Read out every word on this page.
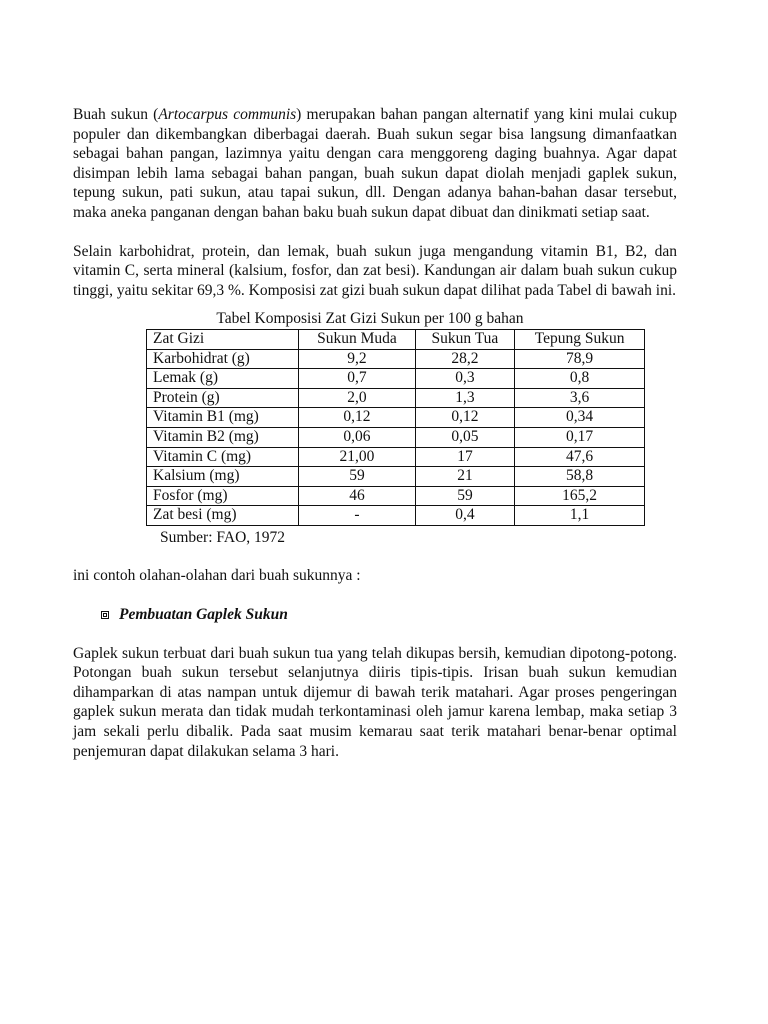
Buah sukun (Artocarpus communis) merupakan bahan pangan alternatif yang kini mulai cukup populer dan dikembangkan diberbagai daerah. Buah sukun segar bisa langsung dimanfaatkan sebagai bahan pangan, lazimnya yaitu dengan cara menggoreng daging buahnya. Agar dapat disimpan lebih lama sebagai bahan pangan, buah sukun dapat diolah menjadi gaplek sukun, tepung sukun, pati sukun, atau tapai sukun, dll. Dengan adanya bahan-bahan dasar tersebut, maka aneka panganan dengan bahan baku buah sukun dapat dibuat dan dinikmati setiap saat.

Selain karbohidrat, protein, dan lemak, buah sukun juga mengandung vitamin B1, B2, dan vitamin C, serta mineral (kalsium, fosfor, dan zat besi). Kandungan air dalam buah sukun cukup tinggi, yaitu sekitar 69,3 %. Komposisi zat gizi buah sukun dapat dilihat pada Tabel di bawah ini.

Tabel Komposisi Zat Gizi Sukun per 100 g bahan
Zat Gizi	Sukun Muda	Sukun Tua	Tepung Sukun
Karbohidrat (g)	9,2	28,2	78,9
Lemak (g)	0,7	0,3	0,8
Protein (g)	2,0	1,3	3,6
Vitamin B1 (mg)	0,12	0,12	0,34
Vitamin B2 (mg)	0,06	0,05	0,17
Vitamin C (mg)	21,00	17	47,6
Kalsium (mg)	59	21	58,8
Fosfor (mg)	46	59	165,2
Zat besi (mg)	-	0,4	1,1
Sumber: FAO, 1972

ini contoh olahan-olahan dari buah sukunnya :

Pembuatan Gaplek Sukun

Gaplek sukun terbuat dari buah sukun tua yang telah dikupas bersih, kemudian dipotong-potong. Potongan buah sukun tersebut selanjutnya diiris tipis-tipis. Irisan buah sukun kemudian dihamparkan di atas nampan untuk dijemur di bawah terik matahari. Agar proses pengeringan gaplek sukun merata dan tidak mudah terkontaminasi oleh jamur karena lembap, maka setiap 3 jam sekali perlu dibalik. Pada saat musim kemarau saat terik matahari benar-benar optimal penjemuran dapat dilakukan selama 3 hari.
